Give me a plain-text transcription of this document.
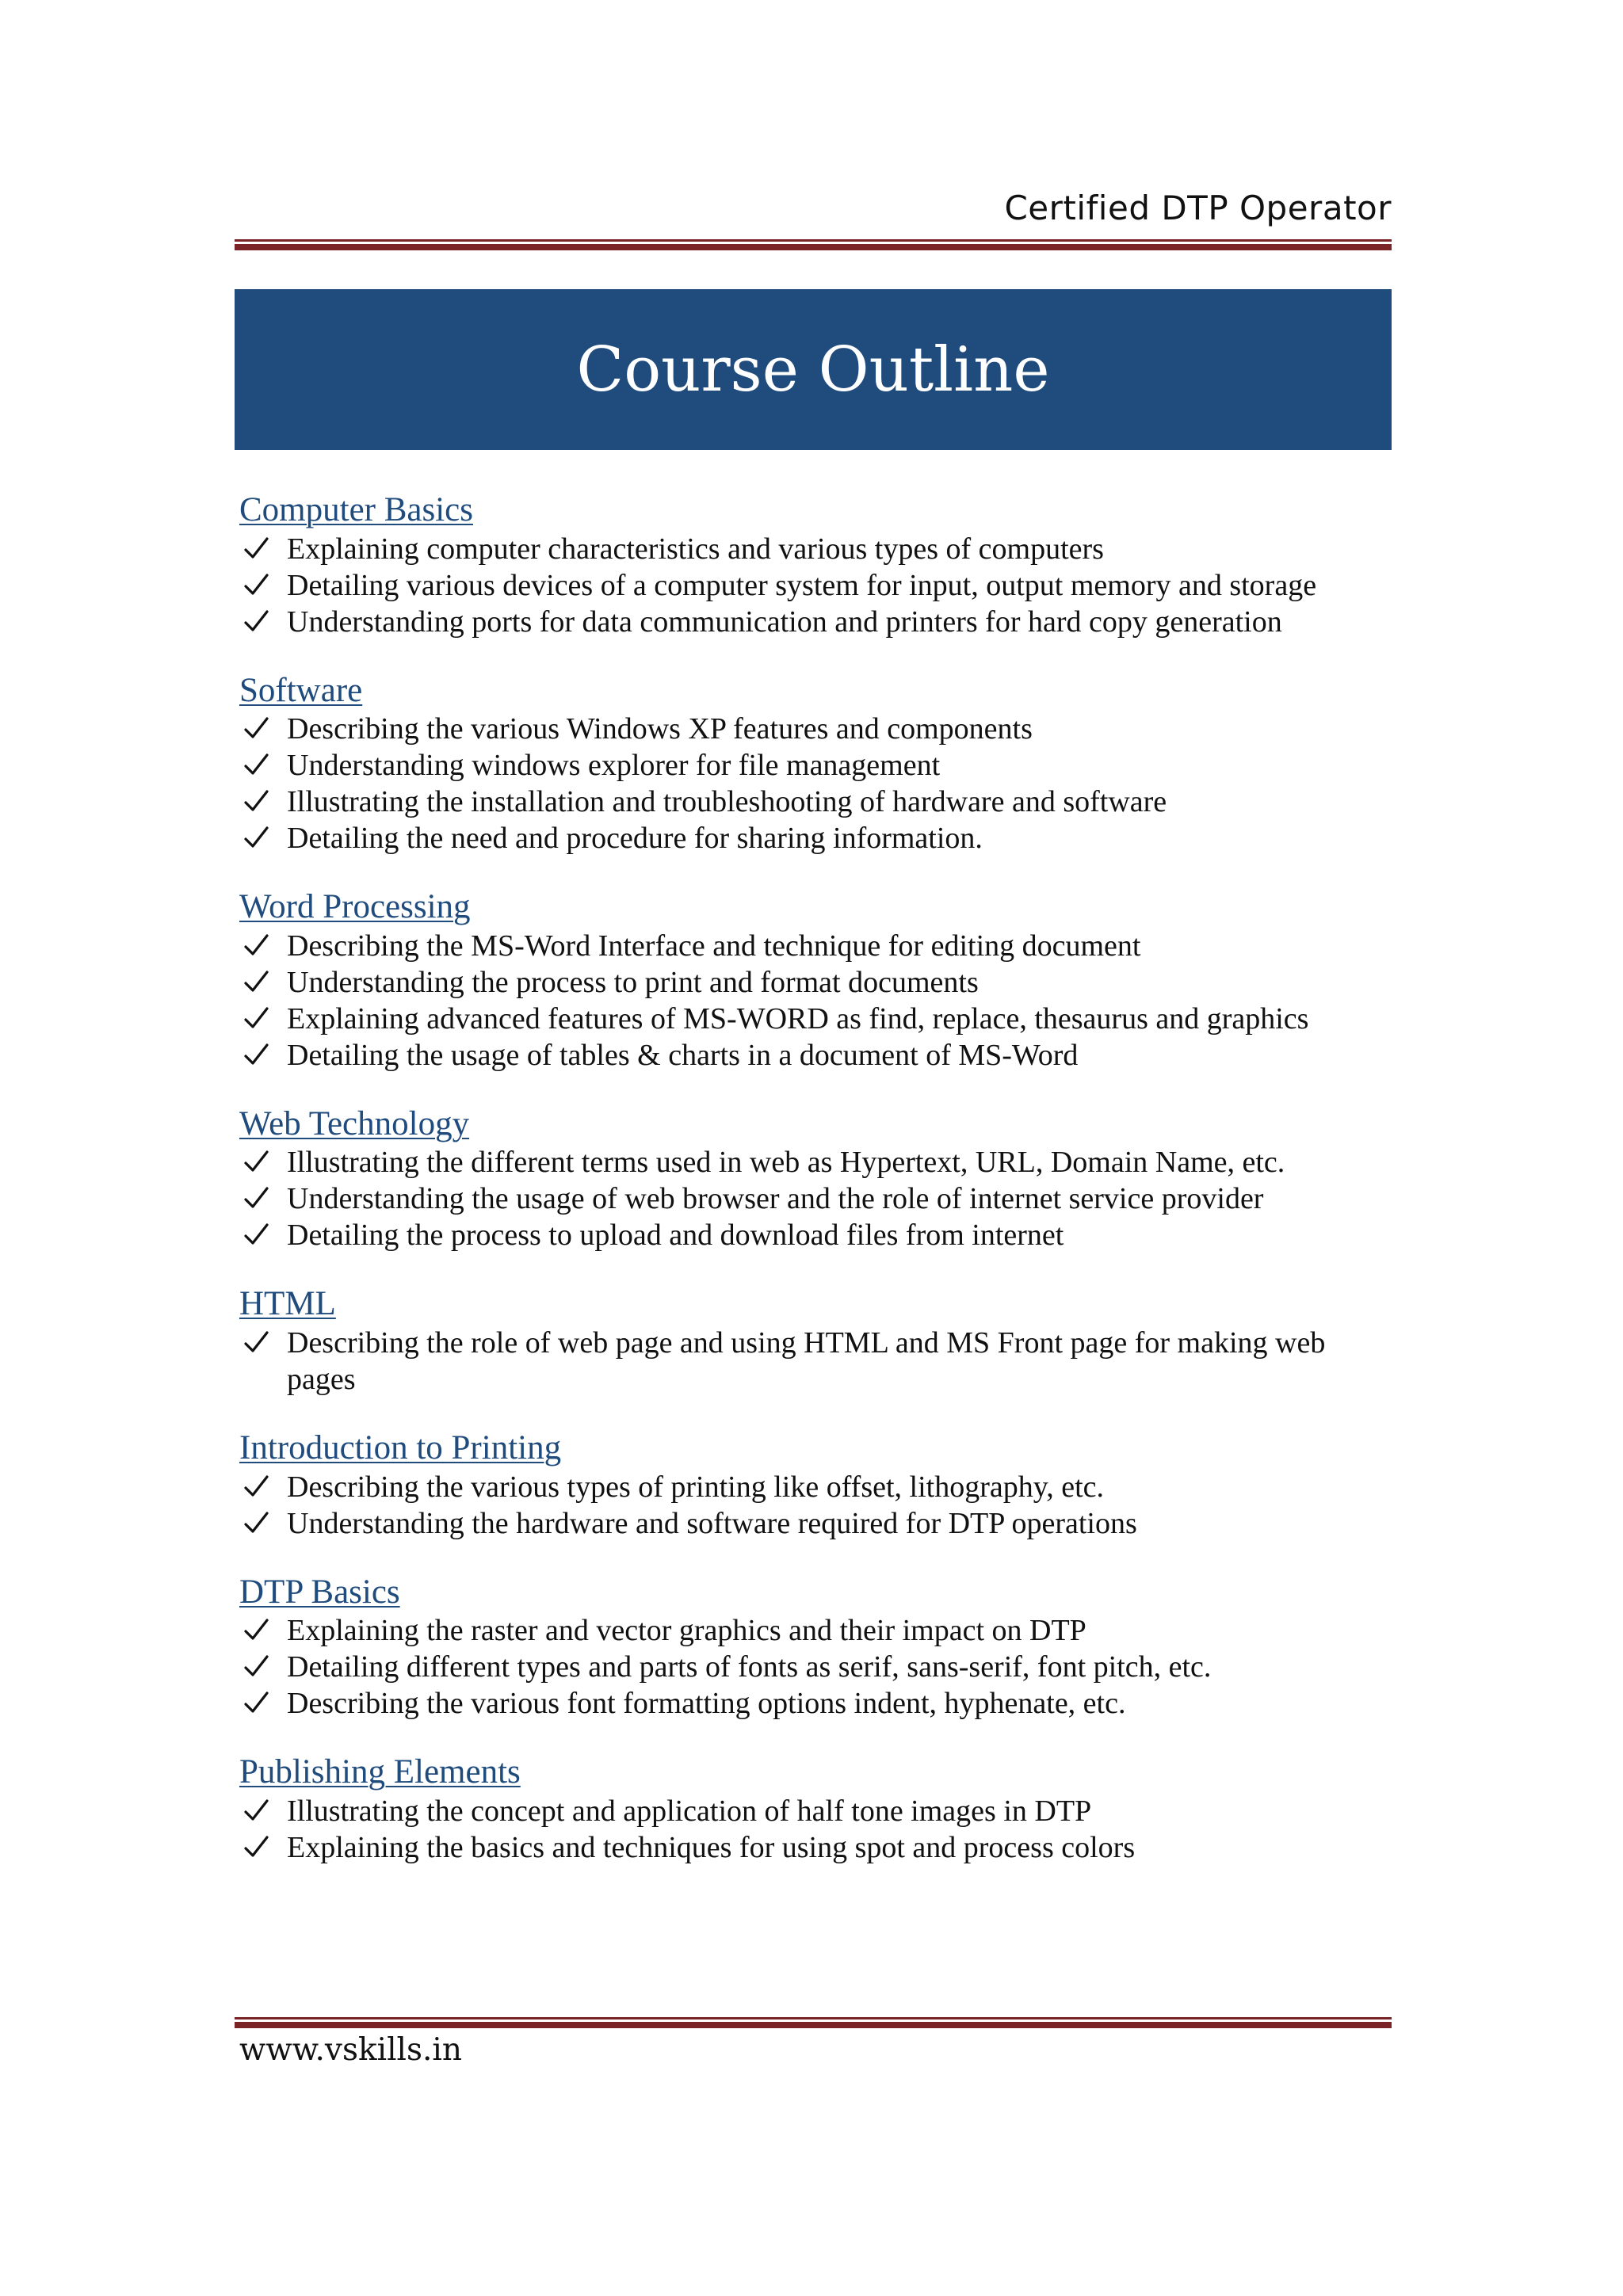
Certified DTP Operator
Course Outline
Computer Basics
Explaining computer characteristics and various types of computers
Detailing various devices of a computer system for input, output memory and storage
Understanding ports for data communication and printers for hard copy generation
Software
Describing the various Windows XP features and components
Understanding windows explorer for file management
Illustrating the installation and troubleshooting of hardware and software
Detailing the need and procedure for sharing information.
Word Processing
Describing the MS-Word Interface and technique for editing document
Understanding the process to print and format documents
Explaining advanced features of MS-WORD as find, replace, thesaurus and graphics
Detailing the usage of tables & charts in a document of MS-Word
Web Technology
Illustrating the different terms used in web as Hypertext, URL, Domain Name, etc.
Understanding the usage of web browser and the role of internet service provider
Detailing the process to upload and download files from internet
HTML
Describing the role of web page and using HTML and MS Front page for making web pages
Introduction to Printing
Describing the various types of printing like offset, lithography, etc.
Understanding the hardware and software required for DTP operations
DTP Basics
Explaining the raster and vector graphics and their impact on DTP
Detailing different types and parts of fonts as serif, sans-serif, font pitch, etc.
Describing the various font formatting options indent, hyphenate, etc.
Publishing Elements
Illustrating the concept and application of half tone images in DTP
Explaining the basics and techniques for using spot and process colors
www.vskills.in
